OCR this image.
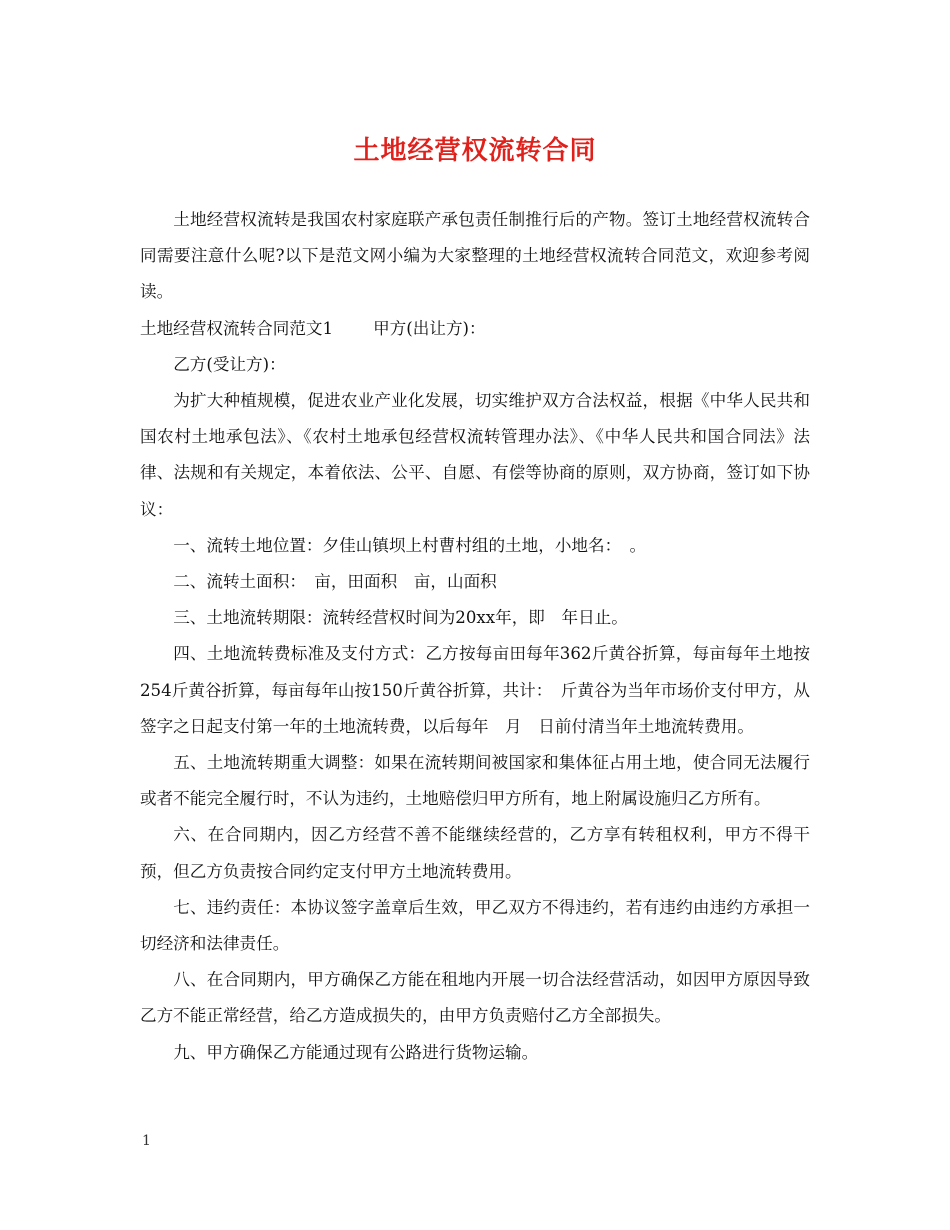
土地经营权流转合同

土地经营权流转是我国农村家庭联产承包责任制推行后的产物。签订土地经营权流转合同需要注意什么呢?以下是范文网小编为大家整理的土地经营权流转合同范文，欢迎参考阅读。

土地经营权流转合同范文1 甲方(出让方)：

乙方(受让方)：

为扩大种植规模，促进农业产业化发展，切实维护双方合法权益，根据《中华人民共和国农村土地承包法》、《农村土地承包经营权流转管理办法》、《中华人民共和国合同法》法律、法规和有关规定，本着依法、公平、自愿、有偿等协商的原则，双方协商，签订如下协议：

一、流转土地位置：夕佳山镇坝上村曹村组的土地，小地名：　。

二、流转土面积：　亩，田面积　亩，山面积

三、土地流转期限：流转经营权时间为20xx年，即　年日止。

四、土地流转费标准及支付方式：乙方按每亩田每年362斤黄谷折算，每亩每年土地按254斤黄谷折算，每亩每年山按150斤黄谷折算，共计：　斤黄谷为当年市场价支付甲方，从签字之日起支付第一年的土地流转费，以后每年　月　日前付清当年土地流转费用。

五、土地流转期重大调整：如果在流转期间被国家和集体征占用土地，使合同无法履行或者不能完全履行时，不认为违约，土地赔偿归甲方所有，地上附属设施归乙方所有。

六、在合同期内，因乙方经营不善不能继续经营的，乙方享有转租权利，甲方不得干预，但乙方负责按合同约定支付甲方土地流转费用。

七、违约责任：本协议签字盖章后生效，甲乙双方不得违约，若有违约由违约方承担一切经济和法律责任。

八、在合同期内，甲方确保乙方能在租地内开展一切合法经营活动，如因甲方原因导致乙方不能正常经营，给乙方造成损失的，由甲方负责赔付乙方全部损失。

九、甲方确保乙方能通过现有公路进行货物运输。

1
